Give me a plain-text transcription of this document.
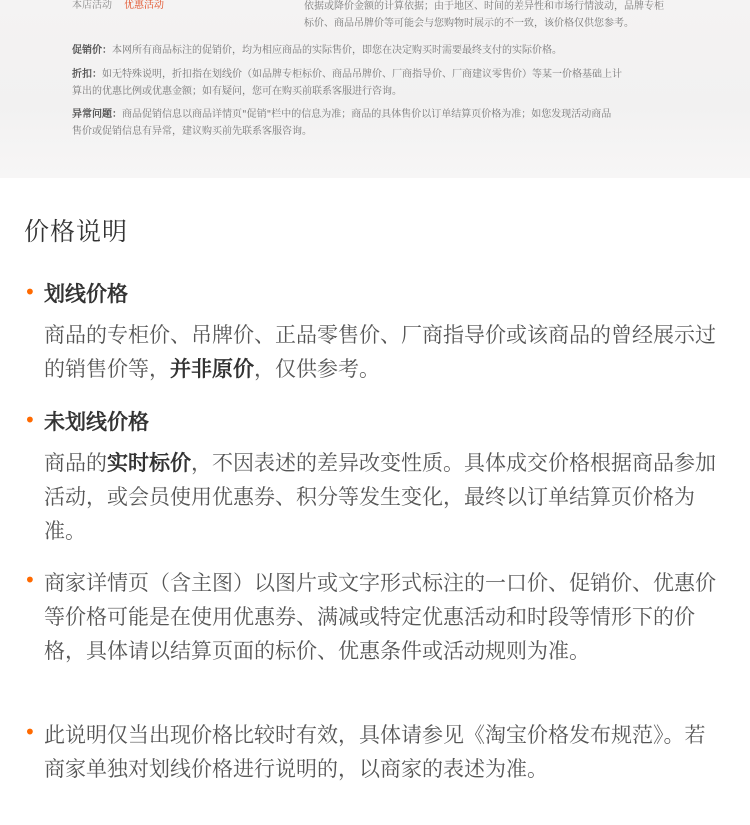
本店活动 优惠活动	依据或降价金额的计算依据；由于地区、时间的差异性和市场行情波动，品牌专柜
标价、商品吊牌价等可能会与您购物时展示的不一致，该价格仅供您参考。
促销价：本网所有商品标注的促销价，均为相应商品的实际售价，即您在决定购买时需要最终支付的实际价格。
折扣：如无特殊说明，折扣指在划线价（如品牌专柜标价、商品吊牌价、厂商指导价、厂商建议零售价）等某一价格基础上计
算出的优惠比例或优惠金额；如有疑问，您可在购买前联系客服进行咨询。
异常问题：商品促销信息以商品详情页"促销"栏中的信息为准；商品的具体售价以订单结算页价格为准；如您发现活动商品
售价或促销信息有异常，建议购买前先联系客服咨询。
价格说明
• 划线价格
商品的专柜价、吊牌价、正品零售价、厂商指导价或该商品的曾经展示过的销售价等，并非原价，仅供参考。
• 未划线价格
商品的实时标价，不因表述的差异改变性质。具体成交价格根据商品参加活动，或会员使用优惠券、积分等发生变化，最终以订单结算页价格为准。
• 商家详情页（含主图）以图片或文字形式标注的一口价、促销价、优惠价等价格可能是在使用优惠券、满减或特定优惠活动和时段等情形下的价格，具体请以结算页面的标价、优惠条件或活动规则为准。
• 此说明仅当出现价格比较时有效，具体请参见《淘宝价格发布规范》。若商家单独对划线价格进行说明的，以商家的表述为准。
